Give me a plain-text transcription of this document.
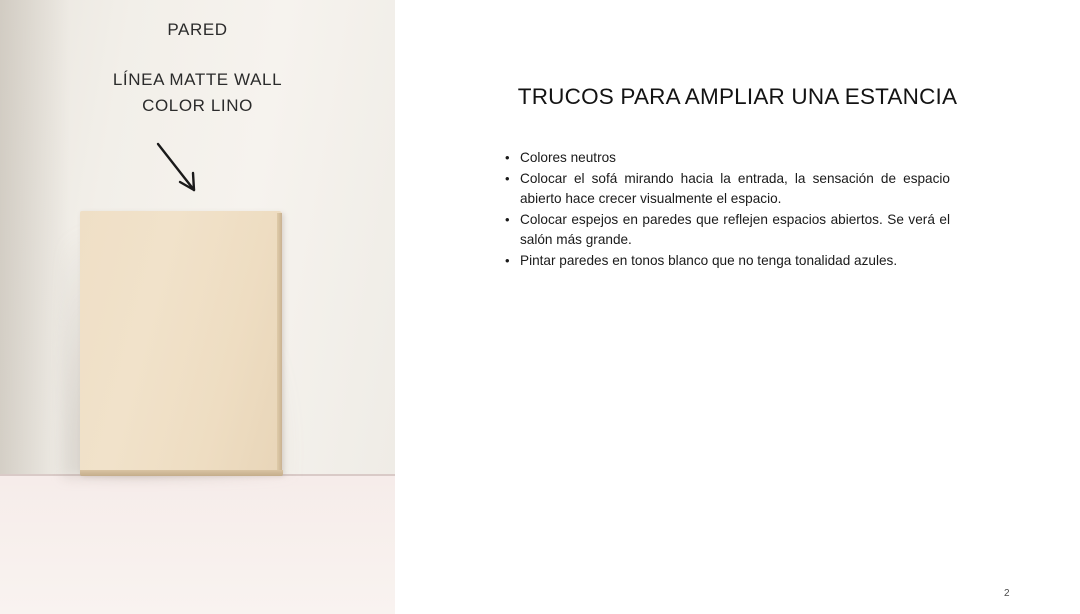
PARED
LÍNEA MATTE WALL
COLOR LINO	TRUCOS PARA AMPLIAR UNA ESTANCIA
• Colores neutros
• Colocar el sofá mirando hacia la entrada, la sensación de espacio abierto hace crecer visualmente el espacio.
• Colocar espejos en paredes que reflejen espacios abiertos. Se verá el salón más grande.
• Pintar paredes en tonos blanco que no tenga tonalidad azules.
2
